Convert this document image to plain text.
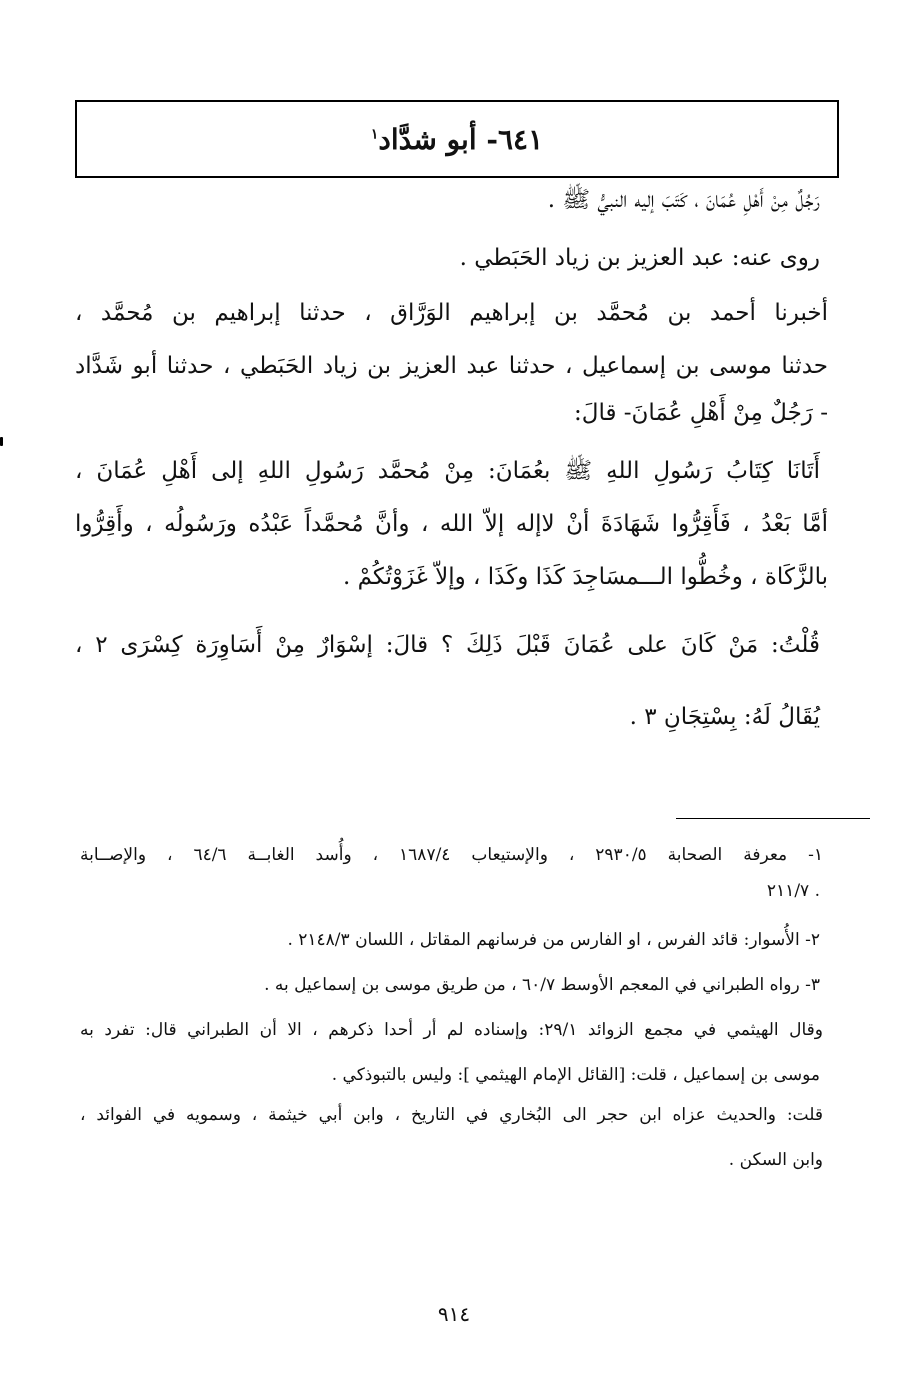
٦٤١- أبو شدَّاد$^١$
رَجُلٌ مِنْ أَهْلِ عُمَانَ ، كَتَبَ إليه النبيُّ ﷺ .
روى عنه: عبد العزيز بن زياد الحَبَطي .
أخبرنا أحمد بن مُحمَّد بن إبراهيم الوَرَّاق ، حدثنا إبراهيم بن مُحمَّد ،
حدثنا موسى بن إسماعيل ، حدثنا عبد العزيز بن زياد الحَبَطي ، حدثنا أبو شَدَّاد
- رَجُلٌ مِنْ أَهْلِ عُمَانَ- قالَ:
أَتَانَا كِتَابُ رَسُولِ اللهِ ﷺ بعُمَانَ: مِنْ مُحمَّد رَسُولِ اللهِ إلى أَهْلِ عُمَانَ ،
أمَّا بَعْدُ ، فَأَقِرُّوا شَهَادَةَ أنْ لاإله إلاّ الله ، وأنَّ مُحمَّداً عَبْدُه ورَسُولُه ، وأَقِرُّوا
بالزَّكَاة ، وخُطُّوا الـــمسَاجِدَ كَذَا وكَذَا ، وإلاّ غَزَوْتُكُمْ .
قُلْتُ: مَنْ كَانَ على عُمَانَ قَبْلَ ذَلِكَ ؟ قالَ: إسْوَارٌ مِنْ أَسَاوِرَة كِسْرَى ٢ ،
يُقَالُ لَهُ: بِسْتِجَانِ ٣ .
١- معرفة الصحابة ٢٩٣٠/٥ ، والإستيعاب ١٦٨٧/٤ ، وأُسد الغابــة ٦٤/٦ ، والإصــابة
. ٢١١/٧
٢- الأُسوار: قائد الفرس ، او الفارس من فرسانهم المقاتل ، اللسان ٢١٤٨/٣ .
٣- رواه الطبراني في المعجم الأوسط ٦٠/٧ ، من طريق موسى بن إسماعيل به .
وقال الهيثمي في مجمع الزوائد ٢٩/١: وإسناده لم أر أحدا ذكرهم ، الا أن الطبراني قال: تفرد به
موسى بن إسماعيل ، قلت: [القائل الإمام الهيثمي ]: وليس بالتبوذكي .
قلت: والحديث عزاه ابن حجر الى البُخاري في التاريخ ، وابن أبي خيثمة ، وسمويه في الفوائد ،
وابن السكن .
٩١٤
